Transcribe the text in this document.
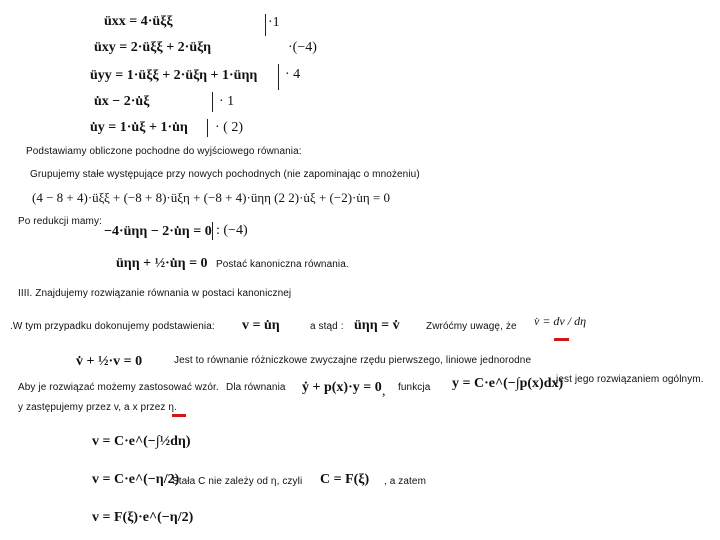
üxx = 4·üξξ	·1
üxy = 2·üξξ + 2·üξη	·(−4)
üyy = 1·üξξ + 2·üξη + 1·üηη · 4
u̇x − 2·u̇ξ	· 1
u̇y = 1·u̇ξ + 1·u̇η · ( 2)
Podstawiamy obliczone pochodne do wyjściowego równania:
Grupujemy stałe występujące przy nowych pochodnych (nie zapominając o mnożeniu)
(4 − 8 + 4)·üξξ + (−8 + 8)·üξη + (−8 + 4)·üηη (2 2)·u̇ξ + (−2)·u̇η = 0
Po redukcji mamy:
−4·üηη − 2·u̇η = 0 : (−4)
üηη + ½·u̇η = 0 Postać kanoniczna równania.
IIII. Znajdujemy rozwiązanie równania w postaci kanonicznej
.W tym przypadku dokonujemy podstawienia: v = u̇η	a stąd : üηη = v̇	Zwróćmy uwagę, że v̇ = dv / dη
v̇ + ½·v = 0	Jest to równanie różniczkowe zwyczajne rzędu pierwszego, liniowe jednorodne
Aby je rozwiązać możemy zastosować wzór. Dla równania ẏ + p(x)·y = 0 , funkcja y = C·e^(−∫p(x)dx)
jest jego rozwiązaniem ogólnym.
y zastępujemy przez v, a x przez η.
v = C·e^(−∫½dη)
v = C·e^(−η/2)
Stała C nie zależy od η, czyli C = F(ξ) , a zatem
v = F(ξ)·e^(−η/2)
